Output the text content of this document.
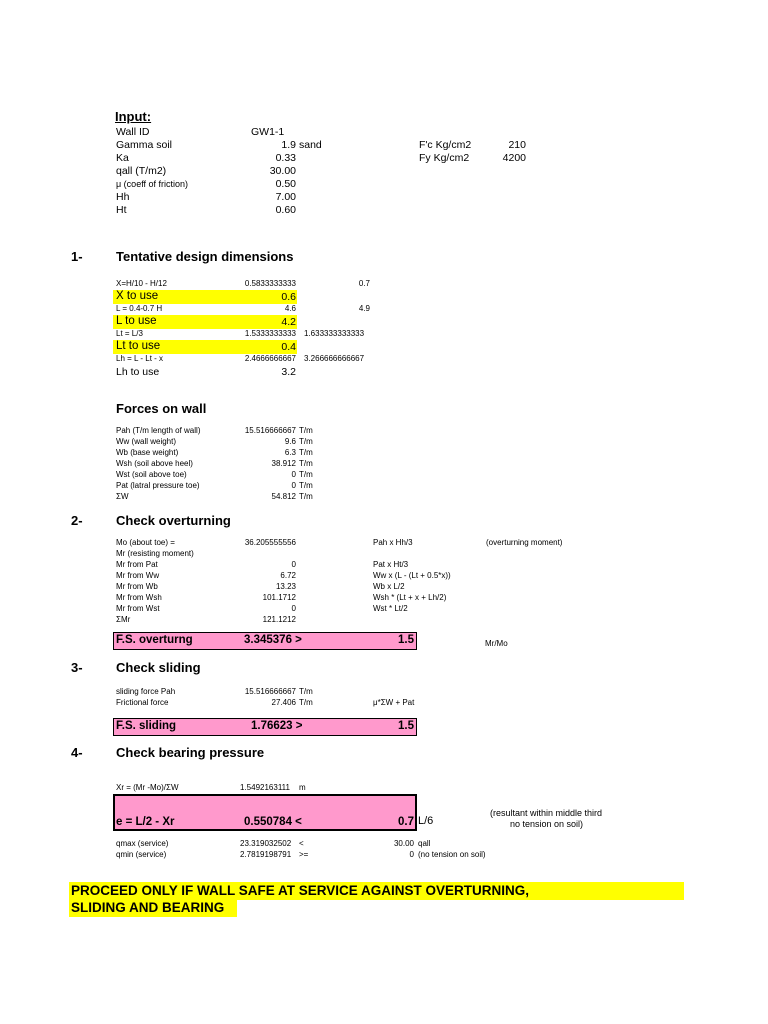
Input:
Wall ID	GW1-1
Gamma soil	1.9 sand	F'c Kg/cm2	210
Ka	0.33	Fy Kg/cm2	4200
qall (T/m2)	30.00
μ (coeff of friction)	0.50
Hh	7.00
Ht	0.60
1-	Tentative design dimensions
X=H/10 - H/12	0.5833333333	0.7
X to use	0.6
L = 0.4-0.7 H	4.6	4.9
L to use	4.2
Lt = L/3	1.5333333333 1.633333333333
Lt to use	0.4
Lh = L - Lt - x	2.4666666667 3.266666666667
Lh to use	3.2
Forces on wall
Pah (T/m length of wall)	15.516666667 T/m
Ww (wall weight)	9.6 T/m
Wb (base weight)	6.3 T/m
Wsh (soil above heel)	38.912 T/m
Wst (soil above toe)	0 T/m
Pat (latral pressure toe)	0 T/m
ΣW	54.812 T/m
2-	Check overturning
Mo (about toe) =	36.205555556	Pah x Hh/3	(overturning moment)
Mr (resisting moment)
Mr from Pat	0	Pat x Ht/3
Mr from Ww	6.72	Ww x (L - (Lt + 0.5*x))
Mr from Wb	13.23	Wb x L/2
Mr from Wsh	101.1712	Wsh * (Lt + x + Lh/2)
Mr from Wst	0	Wst * Lt/2
ΣMr	121.1212
F.S. overturng	3.345376 >	1.5	Mr/Mo
3-	Check sliding
sliding force Pah	15.516666667 T/m
Frictional force	27.406 T/m	μ*ΣW + Pat
F.S. sliding	1.76623 >	1.5
4-	Check bearing pressure
Xr = (Mr -Mo)/ΣW	1.5492163111 m
e = L/2 - Xr	0.550784 <	0.7 L/6
(resultant within middle third
no tension on soil)
qmax (service)	23.319032502 <	30.00 qall
qmin (service)	2.7819198791 >=	0 (no tension on soil)
PROCEED ONLY IF WALL SAFE AT SERVICE AGAINST OVERTURNING,
SLIDING AND BEARING
